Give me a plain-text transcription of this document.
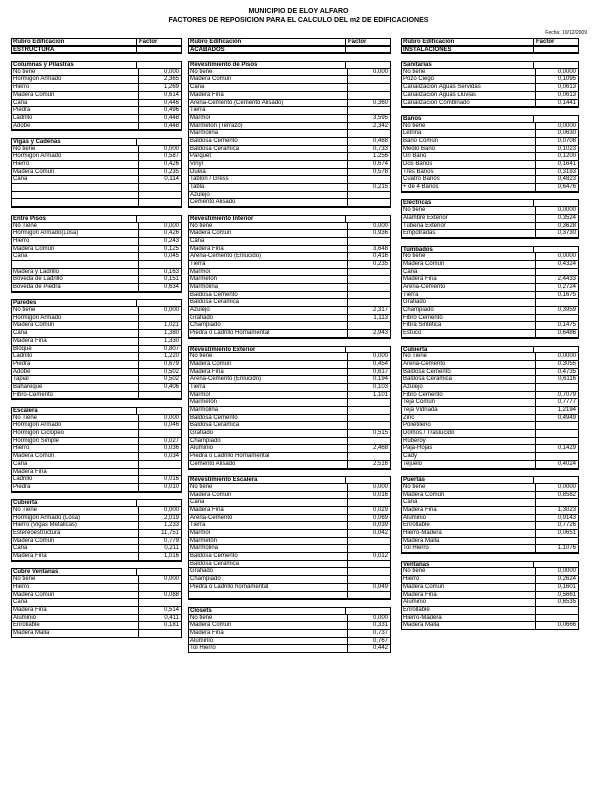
MUNICIPIO DE ELOY ALFARO
FACTORES DE REPOSICION PARA EL CALCULO DEL m2 DE EDIFICACIONES
Fecha: 10/12/2009
Rubro Edificación	Factor
ESTRUCTURA
Columnas y Pilastras
No tiene	0,000
Hormigón Armado	2,365
Hierro	1,269
Madera Común	0,614
Caña	0,446
Piedra	0,496
Ladrillo	0,448
Adobe	0,448
Vigas y Cadenas
No tiene	0,000
Hormigón Armado	0,587
Hierro	0,426
Madera Común	0,235
Caña	0,114
Entre Pisos
No Tiene	0,000
Hormigón Armado(Losa)	0,426
Hierro	0,243
Madera Común	0,125
Caña	0,045
Madera y Ladrillo	0,163
Bóveda de Ladrillo	0,151
Bóveda de Piedra	0,634
Paredes
No tiene	0,000
Hormigón Armado
Madera Común	1,021
Caña	1,380
Madera Fina	1,330
Bloque	0,807
Ladrillo	1,220
Piedra	0,679
Adobe	0,502
Tapial	0,502
Bahareque	0,406
Fibro-Cemento
Escalera
No Tiene	0,000
Hormigón Armado	0,046
Hormigón Ciclopeo
Hormigón Simple	0,027
Hierro	0,036
Madera Común	0,034
Caña
Madera Fina
Ladrillo	0,016
Piedra	0,010
Cubierta
No Tiene	0,000
Hormigón Armado (Losa)	2,019
Hierro (Vigas Metálicas)	1,233
Estereoestructura	11,751
Madera Común	0,779
Caña	0,211
Madera Fina	1,016
Cubre Ventanas
No tiene	0,000
Hierro
Madera Común	0,088
Caña
Madera Fina	0,514
Aluminio	0,411
Enrollable	0,181
Madera Malla
Rubro Edificación	Factor
ACABADOS
Revestimiento de Pisos
No tiene	0,000
Madera Común
Caña
Madera Fina
Arena-Cemento (Cemento Alisado)	0,360
Tierra
Mármol	3,595
Marmeton (Terrazo)	2,342
Marmolina
Baldosa Cemento	0,488
Baldosa Cerámica	0,733
Parquet	1,256
Vinyl	0,674
Duela	0,578
Tablon / Gress
Tabla	0,215
Azulejo
Cemento Alisado
Revestimiento Interior
No tiene	0,000
Madera Común	0,936
Caña
Madera Fina	3,648
Arena-Cemento (Enlucido)	0,416
Tierra	0,235
Marmol
Marmeton
Marmolina
Baldosa Cemento
Baldosa Cerámica
Azulejo	2,317
Grafiado	1,113
Champiado
Piedra o Ladrillo Hornamental	2,943
Revestimiento Exterior
No tiene	0,000
Madera Común	0,454
Madera Fina	0,617
Arena-Cemento (Enlucido)	0,194
Tierra	0,103
Marmol	1,101
Marmetón
Marmolina
Baldosa Cemento
Baldosa Cerámica
Grafiado	0,515
Champiado
Aluminio	2,468
Piedra o Ladrillo Hornamental
Cemento Alisado	2,516
Revestimiento Escalera
No tiene	0,000
Madera Común	0,016
Caña
Madera Fina	0,029
Arena-Cemento	0,069
Tierra	0,039
Marmol	0,042
Marmetón
Marmolina
Baldosa Cemento	0,012
Baldosa Cerámica
Grafiado
Champiado
Piedra o Ladrillo hornamental	0,049
Closets
No tiene	0,000
Madera Común	0,331
Madera Fina	0,737
Aluminio	0,767
Tol Hierro	0,442
Rubro Edificación	Factor
INSTALACIONES
Sanitarias
No tiene	0,0000
Pozo Ciego	0,1095
Canalización Aguas Servidas	0,0613
Canalización Aguas Lluvias	0,0613
Canalización Combinado	0,1441
Baños
No tiene	0,0000
Letrina	0,0630
Baño Común	0,0708
Medio Baño	0,1023
Un Baño	0,1200
Dos Baños	0,1641
Tres Baños	0,3193
Cuatro Baños	0,4823
+ de 4 Baños	0,6476
Eléctricas
No tiene	0,0000
Alambre Exterior	0,3524
Tubería Exterior	0,3628
Empotradas	0,3730
Tumbados
No tiene	0,0000
Madera Común	0,4324
Caña
Madera Fina	2,4433
Arena-Cemento	0,2724
Tierra	0,1675
Grafiado
Champiado	0,3959
Fibro Cemento
Fibra Sintética	0,1475
Estuco	0,6486
Cubierta
No Tiene	0,0000
Arena-Cemento	0,3055
Baldosa Cemento	0,4735
Baldosa Cerámica	0,6116
Azulejo
Fibro Cemento	0,7079
Teja Común	0,7777
Teja Vidriada	1,2194
Zinc	0,4949
Polietileno
Domos / Traslúcido
Ruberoy
Paja-Hojas	0,1429
Cady
Tejuelo	0,4024
Puertas
No tiene	0,0000
Madera Común	0,8582
Caña
Madera Fina	1,3023
Aluminio	0,9143
Enrollable	0,7726
Hierro-Madera	0,0651
Madera Malla
Tol Hierro	1,1076
Ventanas
No tiene	0,0000
Hierro	0,2624
Madera Común	0,1601
Madera Fina	0,5661
Aluminio	0,6535
Enrollable
Hierro-Madera
Madera Malla	0,0666
